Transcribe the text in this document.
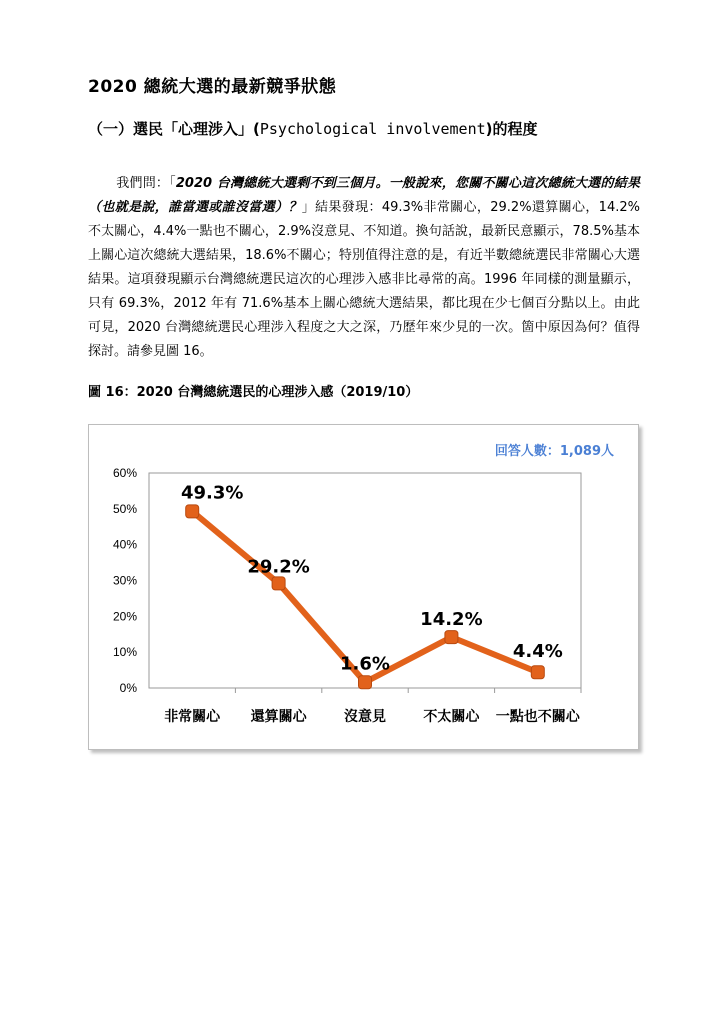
2020 總統大選的最新競爭狀態
（一）選民「心理涉入」(Psychological involvement)的程度
我們問：「2020 台灣總統大選剩不到三個月。一般說來，您關不關心這次總統大選的結果（也就是說，誰當選或誰沒當選）？」結果發現：49.3%非常關心，29.2%還算關心，14.2%不太關心，4.4%一點也不關心，2.9%沒意見、不知道。換句話說，最新民意顯示，78.5%基本上關心這次總統大選結果，18.6%不關心；特別值得注意的是，有近半數總統選民非常關心大選結果。這項發現顯示台灣總統選民這次的心理涉入感非比尋常的高。1996 年同樣的測量顯示，只有 69.3%，2012 年有 71.6%基本上關心總統大選結果，都比現在少七個百分點以上。由此可見，2020 台灣總統選民心理涉入程度之大之深，乃歷年來少見的一次。箇中原因為何？值得探討。請參見圖 16。
圖 16：2020 台灣總統選民的心理涉入感（2019/10）
0%
10%
20%
30%
40%
50%
60%
非常關心 還算關心	沒意見	不太關心 一點也不關心
49.3%
29.2%
1.6%
14.2%
4.4%
回答人數：1,089人
